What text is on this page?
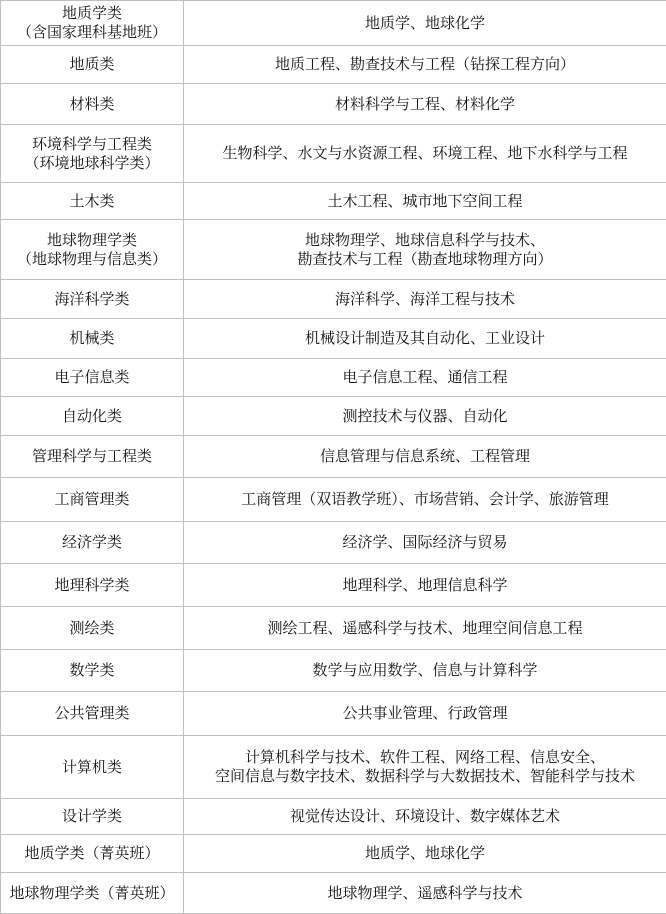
地质学类
（含国家理科基地班）	地质学、地球化学

地质类	地质工程、勘查技术与工程（钻探工程方向）

材料类	材料科学与工程、材料化学

环境科学与工程类
（环境地球科学类）	生物科学、水文与水资源工程、环境工程、地下水科学与工程

土木类	土木工程、城市地下空间工程

地球物理学类
（地球物理与信息类）	地球物理学、地球信息科学与技术、
勘查技术与工程（勘查地球物理方向）

海洋科学类	海洋科学、海洋工程与技术

机械类	机械设计制造及其自动化、工业设计

电子信息类	电子信息工程、通信工程

自动化类	测控技术与仪器、自动化

管理科学与工程类	信息管理与信息系统、工程管理

工商管理类	工商管理（双语教学班）、市场营销、会计学、旅游管理

经济学类	经济学、国际经济与贸易

地理科学类	地理科学、地理信息科学

测绘类	测绘工程、遥感科学与技术、地理空间信息工程

数学类	数学与应用数学、信息与计算科学

公共管理类	公共事业管理、行政管理

计算机类	计算机科学与技术、软件工程、网络工程、信息安全、
空间信息与数字技术、数据科学与大数据技术、智能科学与技术

设计学类	视觉传达设计、环境设计、数字媒体艺术

地质学类（菁英班）	地质学、地球化学

地球物理学类（菁英班）	地球物理学、遥感科学与技术
